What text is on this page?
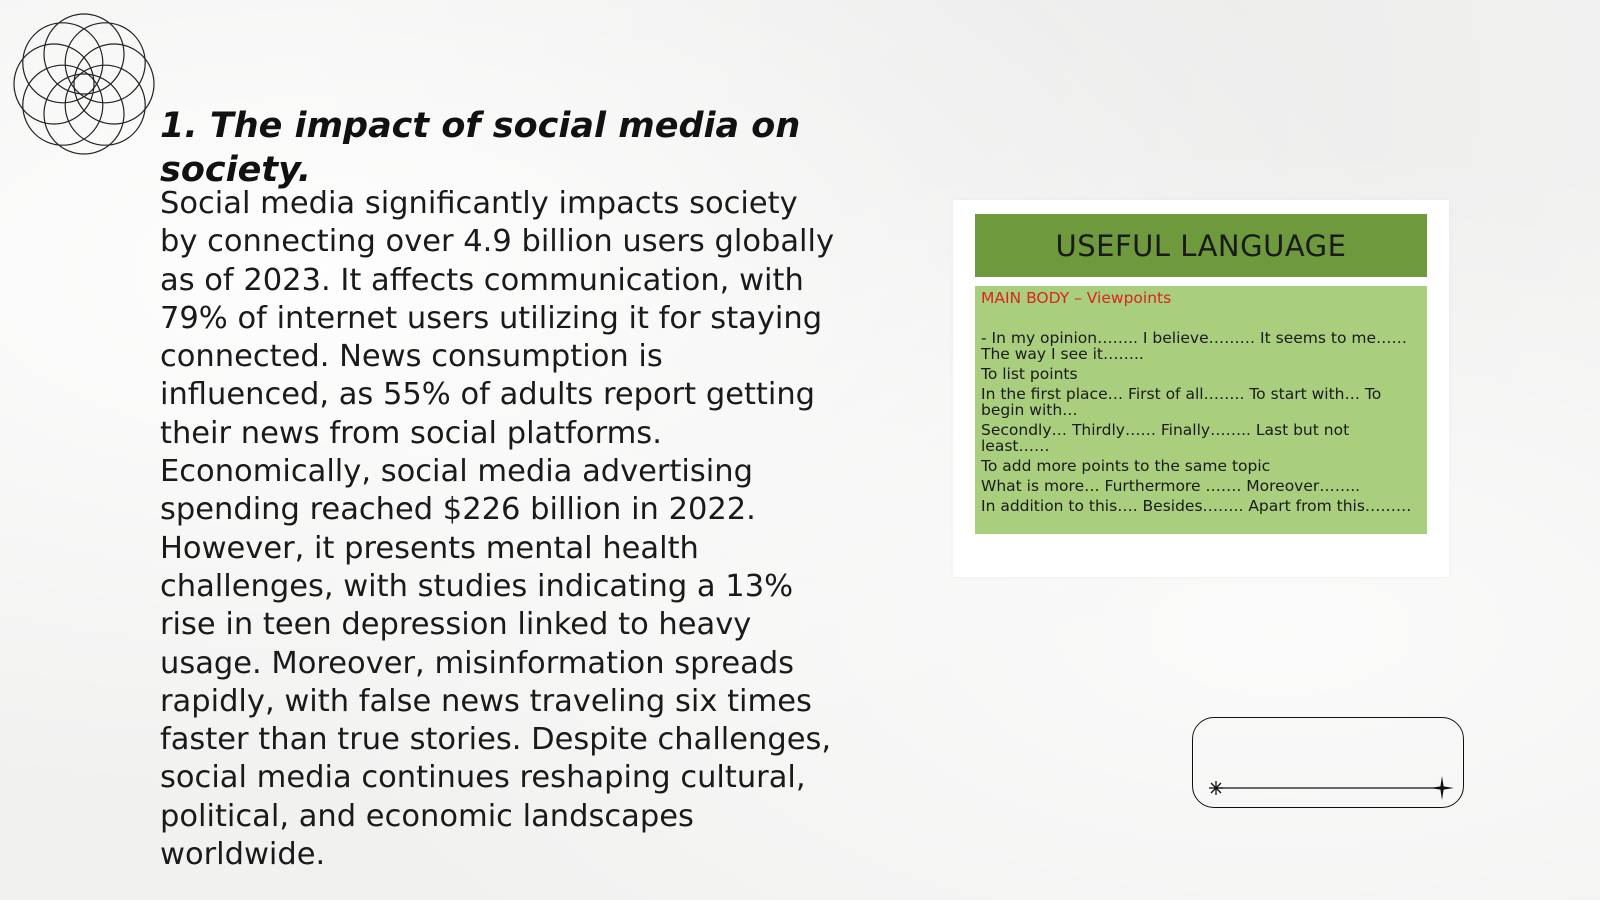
1. The impact of social media on society.

Social media significantly impacts society by connecting over 4.9 billion users globally as of 2023. It affects communication, with 79% of internet users utilizing it for staying connected. News consumption is influenced, as 55% of adults report getting their news from social platforms. Economically, social media advertising spending reached $226 billion in 2022. However, it presents mental health challenges, with studies indicating a 13% rise in teen depression linked to heavy usage. Moreover, misinformation spreads rapidly, with false news traveling six times faster than true stories. Despite challenges, social media continues reshaping cultural, political, and economic landscapes worldwide.

USEFUL LANGUAGE
MAIN BODY – Viewpoints
- In my opinion…….. I believe……… It seems to me…… The way I see it……..
To list points
In the first place… First of all…….. To start with… To begin with…
Secondly… Thirdly…… Finally…….. Last but not least……
To add more points to the same topic
What is more… Furthermore ……. Moreover……..
In addition to this…. Besides…….. Apart from this………
